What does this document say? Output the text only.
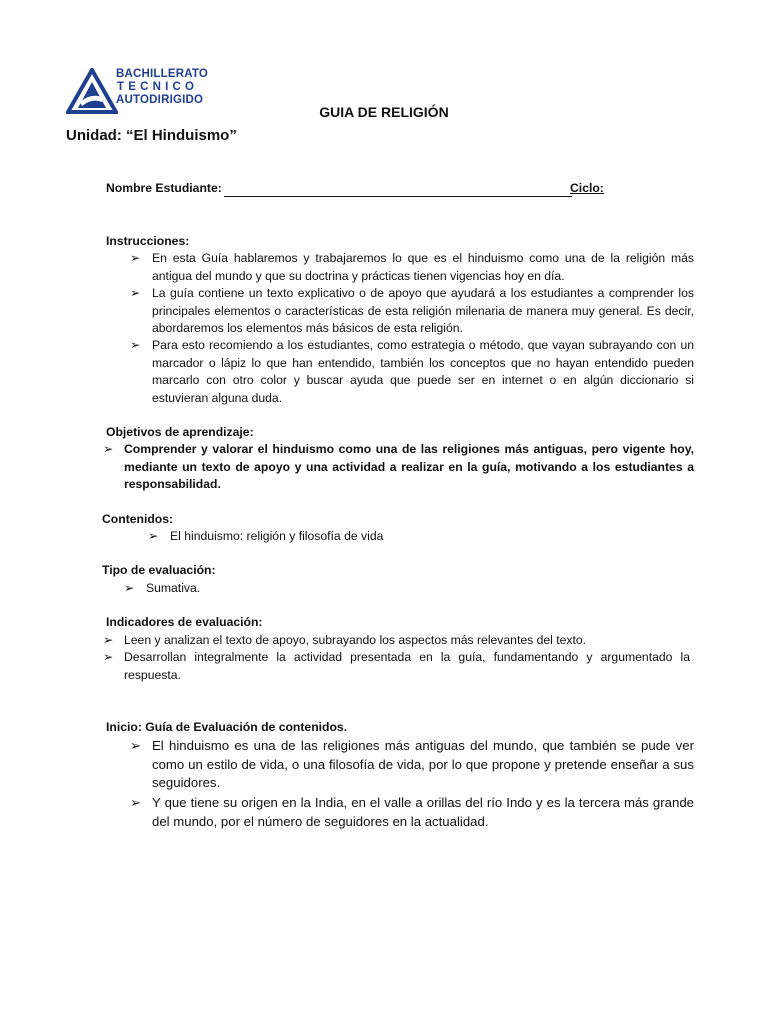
BACHILLERATO
TECNICO
AUTODIRIGIDO
GUIA DE RELIGIÓN
Unidad: “El Hinduismo”
Nombre Estudiante:	Ciclo:
Instrucciones:
➢ En esta Guía hablaremos y trabajaremos lo que es el hinduismo como una de la religión más antigua del mundo y que su doctrina y prácticas tienen vigencias hoy en día.
➢ La guía contiene un texto explicativo o de apoyo que ayudará a los estudiantes a comprender los principales elementos o características de esta religión milenaria de manera muy general. Es decir, abordaremos los elementos más básicos de esta religión.
➢ Para esto recomiendo a los estudiantes, como estrategia o método, que vayan subrayando con un marcador o lápiz lo que han entendido, también los conceptos que no hayan entendido pueden marcarlo con otro color y buscar ayuda que puede ser en internet o en algún diccionario si estuvieran alguna duda.
Objetivos de aprendizaje:
➢ Comprender y valorar el hinduismo como una de las religiones más antiguas, pero vigente hoy, mediante un texto de apoyo y una actividad a realizar en la guía, motivando a los estudiantes a responsabilidad.
Contenidos:
➢ El hinduismo: religión y filosofía de vida
Tipo de evaluación:
➢ Sumativa.
Indicadores de evaluación:
➢ Leen y analizan el texto de apoyo, subrayando los aspectos más relevantes del texto.
➢ Desarrollan integralmente la actividad presentada en la guía, fundamentando y argumentado la respuesta.
Inicio: Guía de Evaluación de contenidos.
➢ El hinduismo es una de las religiones más antiguas del mundo, que también se pude ver como un estilo de vida, o una filosofía de vida, por lo que propone y pretende enseñar a sus seguidores.
➢ Y que tiene su origen en la India, en el valle a orillas del río Indo y es la tercera más grande del mundo, por el número de seguidores en la actualidad.
